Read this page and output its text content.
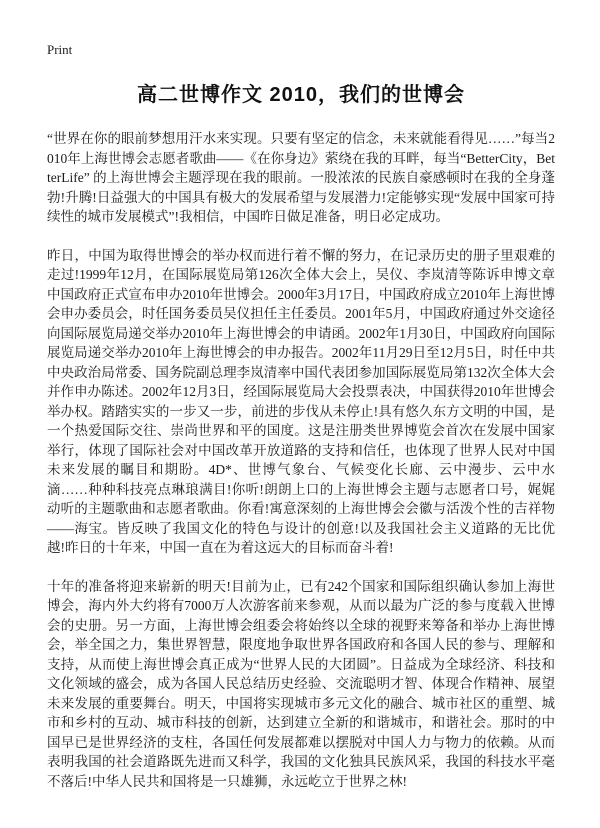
Print
高二世博作文 2010，我们的世博会

“世界在你的眼前梦想用汗水来实现。只要有坚定的信念，未来就能看得见……”每当2010年上海世博会志愿者歌曲——《在你身边》萦绕在我的耳畔，每当“BetterCity，BetterLife” 的上海世博会主题浮现在我的眼前。一股浓浓的民族自豪感顿时在我的全身蓬勃!升腾!日益强大的中国具有极大的发展希望与发展潜力!定能够实现“发展中国家可持续性的城市发展模式”!我相信，中国昨日做足准备，明日必定成功。

昨日，中国为取得世博会的举办权而进行着不懈的努力，在记录历史的册子里艰难的走过!1999年12月，在国际展览局第126次全体大会上，吴仪、李岚清等陈诉申博文章中国政府正式宣布申办2010年世博会。2000年3月17日，中国政府成立2010年上海世博会申办委员会，时任国务委员吴仪担任主任委员。2001年5月，中国政府通过外交途径向国际展览局递交举办2010年上海世博会的申请函。2002年1月30日，中国政府向国际展览局递交举办2010年上海世博会的申办报告。2002年11月29日至12月5日，时任中共中央政治局常委、国务院副总理李岚清率中国代表团参加国际展览局第132次全体大会并作申办陈述。2002年12月3日，经国际展览局大会投票表决，中国获得2010年世博会举办权。踏踏实实的一步又一步，前进的步伐从未停止!具有悠久东方文明的中国，是一个热爱国际交往、崇尚世界和平的国度。这是注册类世界博览会首次在发展中国家举行，体现了国际社会对中国改革开放道路的支持和信任，也体现了世界人民对中国未来发展的瞩目和期盼。4D*、世博气象台、气候变化长廊、云中漫步、云中水滴……种种科技亮点琳琅满目!你听!朗朗上口的上海世博会主题与志愿者口号，娓娓动听的主题歌曲和志愿者歌曲。你看!寓意深刻的上海世博会会徽与活泼个性的吉祥物——海宝。皆反映了我国文化的特色与设计的创意!以及我国社会主义道路的无比优越!昨日的十年来，中国一直在为着这远大的目标而奋斗着!

十年的准备将迎来崭新的明天!目前为止，已有242个国家和国际组织确认参加上海世博会，海内外大约将有7000万人次游客前来参观，从而以最为广泛的参与度载入世博会的史册。另一方面，上海世博会组委会将始终以全球的视野来筹备和举办上海世博会，举全国之力，集世界智慧，限度地争取世界各国政府和各国人民的参与、理解和支持，从而使上海世博会真正成为“世界人民的大团圆”。日益成为全球经济、科技和文化领域的盛会，成为各国人民总结历史经验、交流聪明才智、体现合作精神、展望未来发展的重要舞台。明天，中国将实现城市多元文化的融合、城市社区的重塑、城市和乡村的互动、城市科技的创新，达到建立全新的和谐城市，和谐社会。那时的中国早已是世界经济的支柱，各国任何发展都难以摆脱对中国人力与物力的依赖。从而表明我国的社会道路既先进而又科学，我国的文化独具民族风采，我国的科技水平毫不落后!中华人民共和国将是一只雄狮，永远屹立于世界之林!
